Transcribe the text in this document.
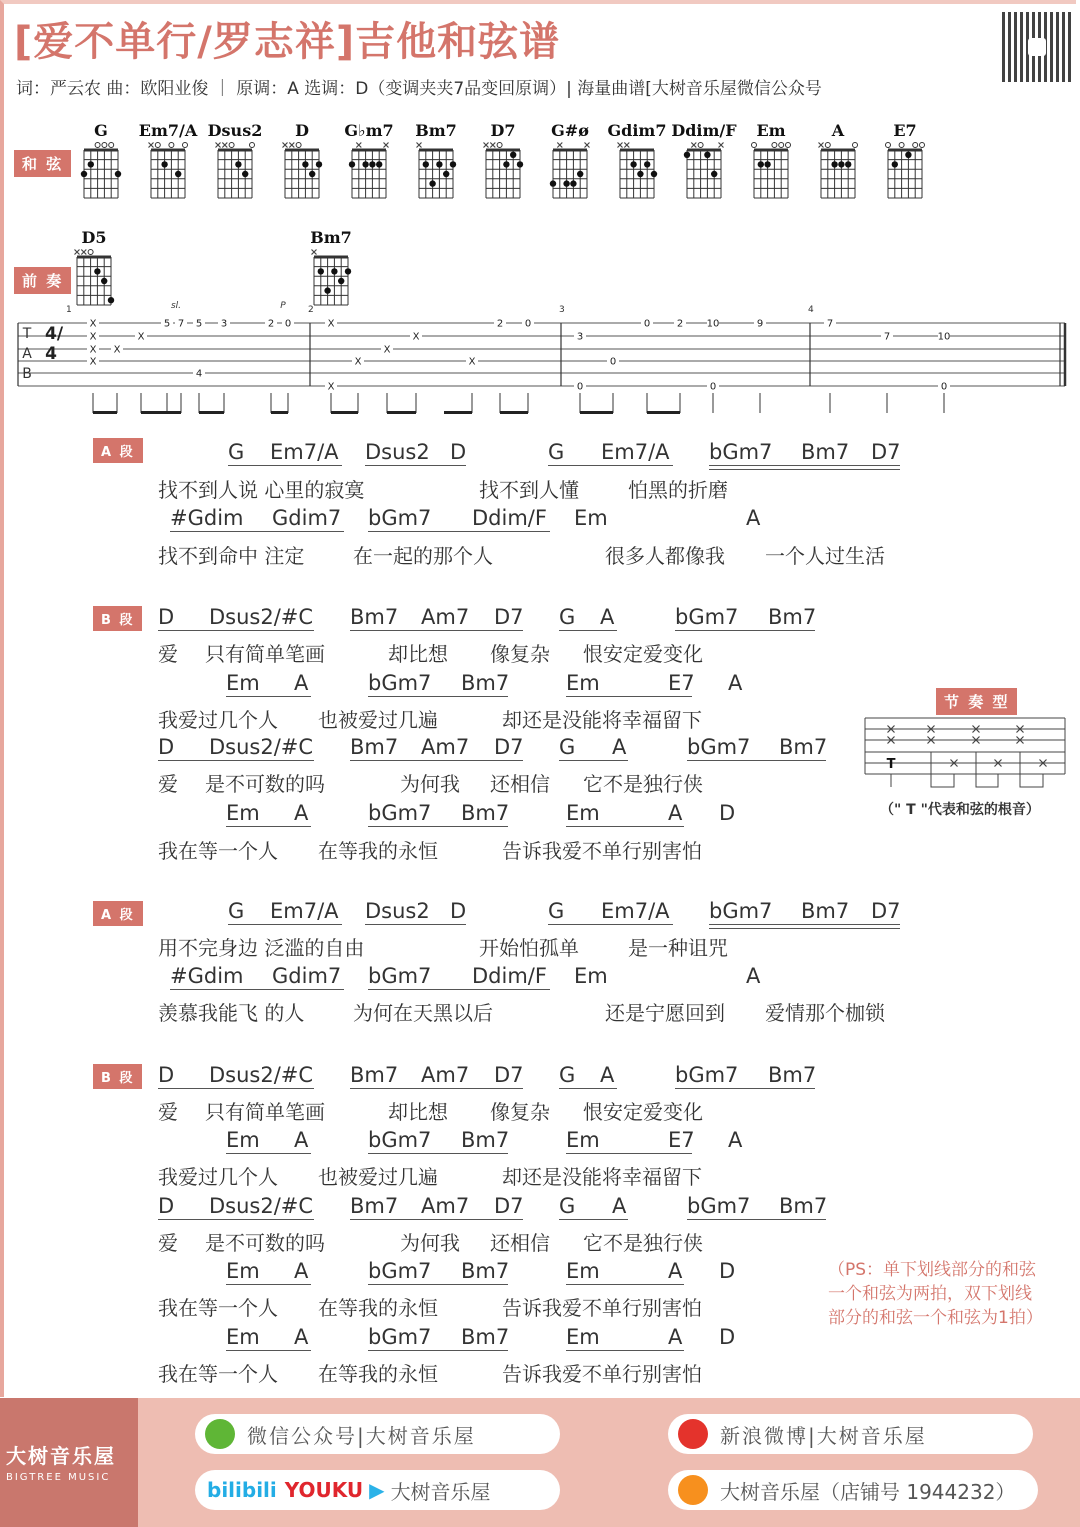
[爱不单行/罗志祥]吉他和弦谱
词：严云农 曲：欧阳业俊 ｜ 原调：A 选调：D（变调夹夹7品变回原调）| 海量曲谱[大树音乐屋微信公众号
和 弦
G Em7/A Dsus2 D G♭m7 Bm7 D7 G#ø Gdim7 Ddim/F Em	A	E7
前 奏
D5	Bm7
1	2	3	4
sl.	P
X
X
X
X
X
X
5 7 5
4
3	2 0	X
X
X
X
X
X
2 0
3
0
0
0	2 10
0
9	7
7	10
0
TAB
4/4
A 段	G Em7/A Dsus2 D	G Em7/A bGm7 Bm7 D7
找不到人说 心里的寂寞	找不到人懂 怕黑的折磨
#Gdim Gdim7 bGm7 Ddim/F Em	A
找不到命中 注定 在一起的那个人	很多人都像我 一个人过生活
B 段	D Dsus2/#C Bm7 Am7 D7 G A	bGm7 Bm7
爱 只有简单笔画	却比想 像复杂 恨安定爱变化
Em A	bGm7 Bm7	Em	E7 A
我爱过几个人 也被爱过几遍	却还是没能将幸福留下
D Dsus2/#C Bm7 Am7 D7 G A	bGm7 Bm7
爱 是不可数的吗	为何我 还相信 它不是独行侠
Em A	bGm7 Bm7	Em	A D
我在等一个人 在等我的永恒	告诉我爱不单行别害怕
A 段	G Em7/A Dsus2 D	G Em7/A bGm7 Bm7 D7
用不完身边 泛滥的自由	开始怕孤单 是一种诅咒
#Gdim Gdim7 bGm7 Ddim/F Em	A
羡慕我能飞 的人 为何在天黑以后	还是宁愿回到 爱情那个枷锁
B 段	D Dsus2/#C Bm7 Am7 D7 G A	bGm7 Bm7
爱 只有简单笔画	却比想 像复杂 恨安定爱变化
Em A	bGm7 Bm7	Em	E7 A
我爱过几个人 也被爱过几遍	却还是没能将幸福留下
D Dsus2/#C Bm7 Am7 D7 G A	bGm7 Bm7
爱 是不可数的吗	为何我 还相信 它不是独行侠
Em A	bGm7 Bm7	Em	A D
我在等一个人 在等我的永恒	告诉我爱不单行别害怕
Em A	bGm7 Bm7	Em	A D
我在等一个人 在等我的永恒	告诉我爱不单行别害怕
节 奏 型
T
（" T "代表和弦的根音）
（PS：单下划线部分的和弦
一个和弦为两拍，双下划线
部分的和弦一个和弦为1拍）
大树音乐屋
BIGTREE MUSIC
微信公众号|大树音乐屋	新浪微博|大树音乐屋
bilibili YOUKU ▶ 大树音乐屋	大树音乐屋（店铺号 1944232）
